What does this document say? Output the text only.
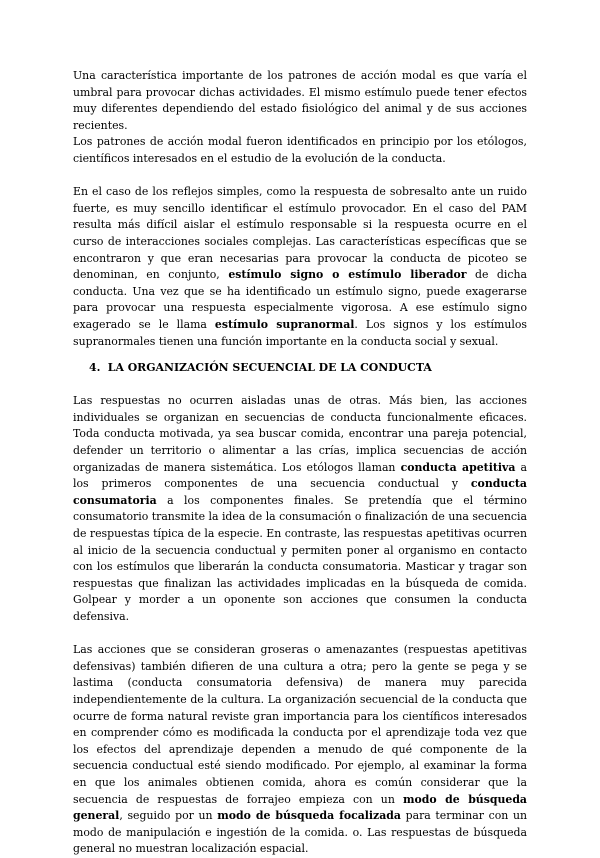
Una característica importante de los patrones de acción modal es que varía el umbral para provocar dichas actividades. El mismo estímulo puede tener efectos muy diferentes dependiendo del estado fisiológico del animal y de sus acciones recientes.

Los patrones de acción modal fueron identificados en principio por los etólogos, científicos interesados en el estudio de la evolución de la conducta.

En el caso de los reflejos simples, como la respuesta de sobresalto ante un ruido fuerte, es muy sencillo identificar el estímulo provocador. En el caso del PAM resulta más difícil aislar el estímulo responsable si la respuesta ocurre en el curso de interacciones sociales complejas. Las características específicas que se encontraron y que eran necesarias para provocar la conducta de picoteo se denominan, en conjunto, estímulo signo o estímulo liberador de dicha conducta. Una vez que se ha identificado un estímulo signo, puede exagerarse para provocar una respuesta especialmente vigorosa. A ese estímulo signo exagerado se le llama estímulo supranormal. Los signos y los estímulos supranormales tienen una función importante en la conducta social y sexual.

4. LA ORGANIZACIÓN SECUENCIAL DE LA CONDUCTA

Las respuestas no ocurren aisladas unas de otras. Más bien, las acciones individuales se organizan en secuencias de conducta funcionalmente eficaces. Toda conducta motivada, ya sea buscar comida, encontrar una pareja potencial, defender un territorio o alimentar a las crías, implica secuencias de acción organizadas de manera sistemática. Los etólogos llaman conducta apetitiva a los primeros componentes de una secuencia conductual y conducta consumatoria a los componentes finales. Se pretendía que el término consumatorio transmite la idea de la consumación o finalización de una secuencia de respuestas típica de la especie. En contraste, las respuestas apetitivas ocurren al inicio de la secuencia conductual y permiten poner al organismo en contacto con los estímulos que liberarán la conducta consumatoria. Masticar y tragar son respuestas que finalizan las actividades implicadas en la búsqueda de comida. Golpear y morder a un oponente son acciones que consumen la conducta defensiva.

Las acciones que se consideran groseras o amenazantes (respuestas apetitivas defensivas) también difieren de una cultura a otra; pero la gente se pega y se lastima (conducta consumatoria defensiva) de manera muy parecida independientemente de la cultura. La organización secuencial de la conducta que ocurre de forma natural reviste gran importancia para los científicos interesados en comprender cómo es modificada la conducta por el aprendizaje toda vez que los efectos del aprendizaje dependen a menudo de qué componente de la secuencia conductual esté siendo modificado. Por ejemplo, al examinar la forma en que los animales obtienen comida, ahora es común considerar que la secuencia de respuestas de forrajeo empieza con un modo de búsqueda general, seguido por un modo de búsqueda focalizada para terminar con un modo de manipulación e ingestión de la comida. o. Las respuestas de búsqueda general no muestran localización espacial.
